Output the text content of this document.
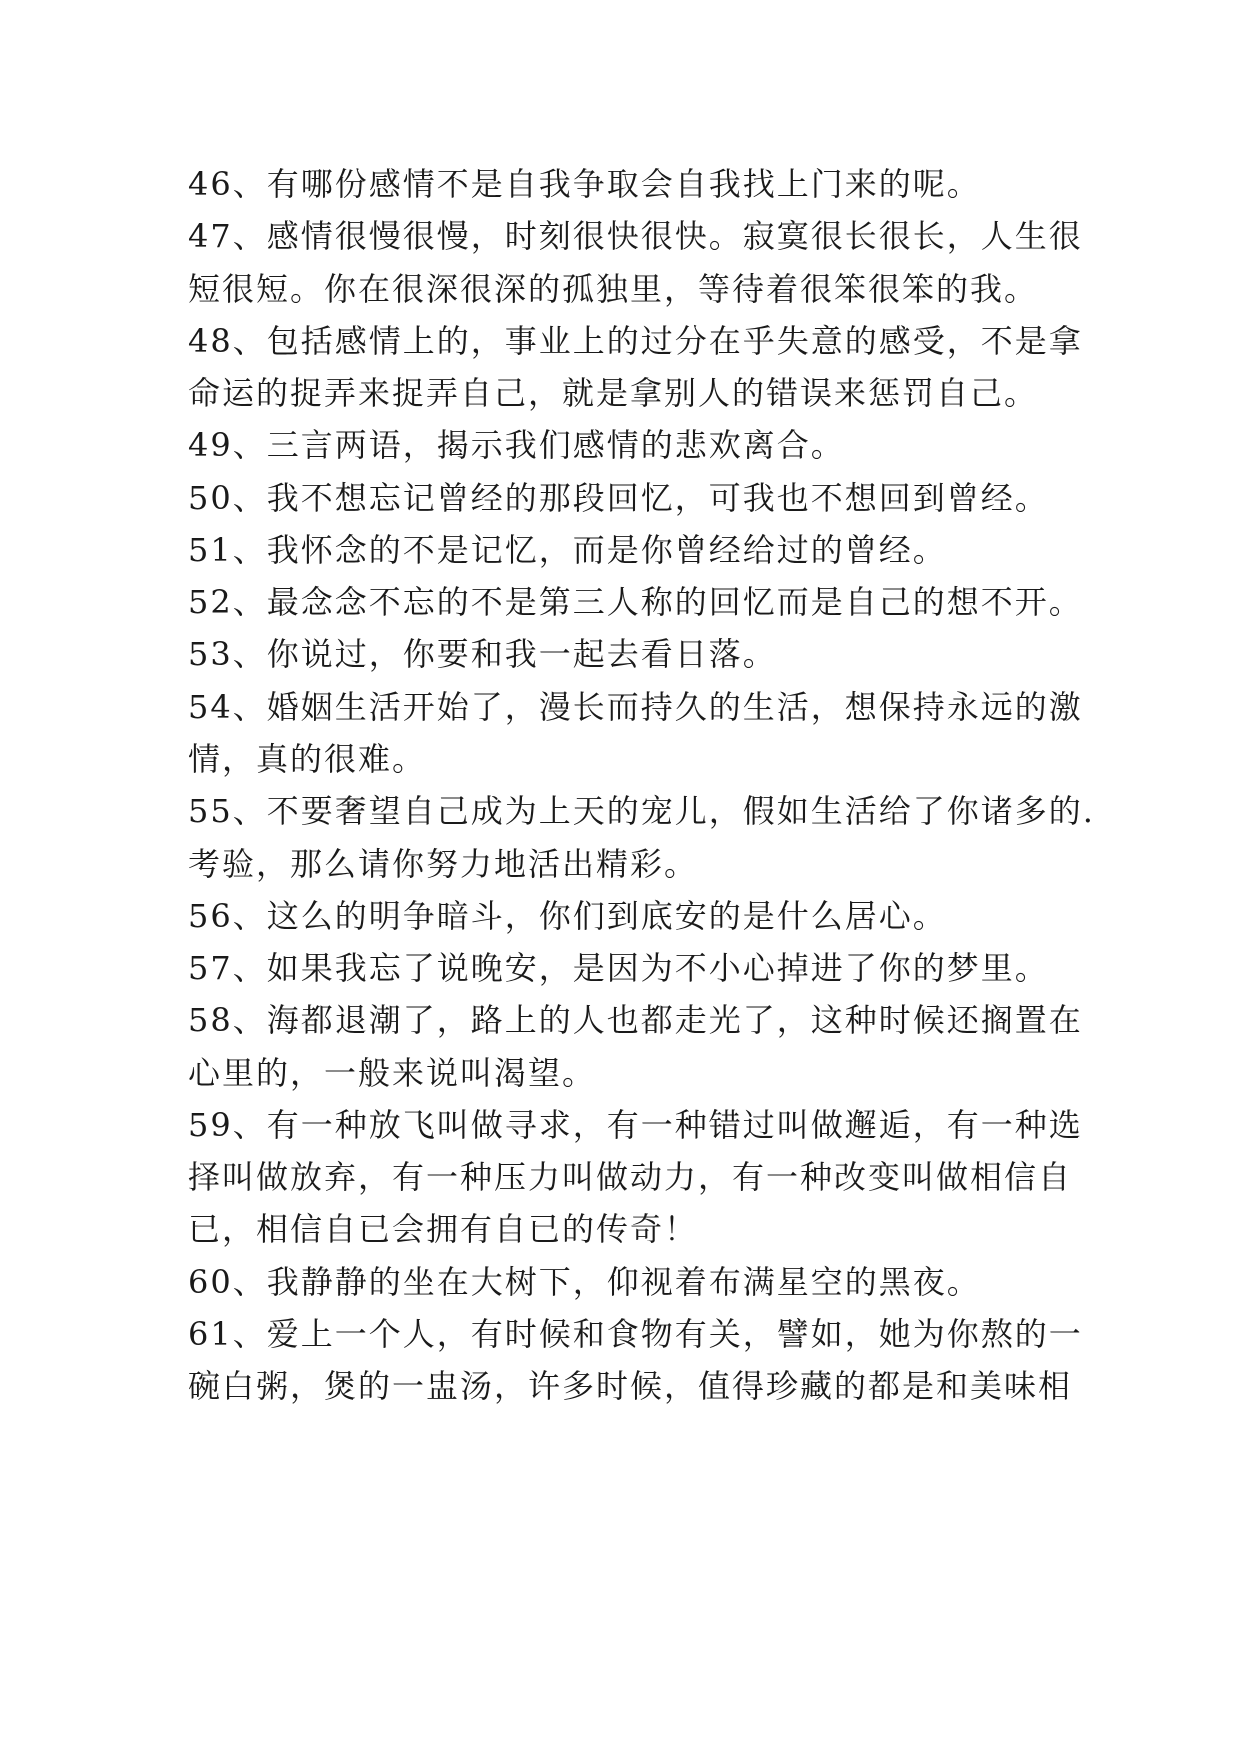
46、有哪份感情不是自我争取会自我找上门来的呢。
47、感情很慢很慢，时刻很快很快。寂寞很长很长，人生很
短很短。你在很深很深的孤独里，等待着很笨很笨的我。
48、包括感情上的，事业上的过分在乎失意的感受，不是拿
命运的捉弄来捉弄自己，就是拿别人的错误来惩罚自己。
49、三言两语，揭示我们感情的悲欢离合。
50、我不想忘记曾经的那段回忆，可我也不想回到曾经。
51、我怀念的不是记忆，而是你曾经给过的曾经。
52、最念念不忘的不是第三人称的回忆而是自己的想不开。
53、你说过，你要和我一起去看日落。
54、婚姻生活开始了，漫长而持久的生活，想保持永远的激
情，真的很难。
55、不要奢望自己成为上天的宠儿，假如生活给了你诸多的.
考验，那么请你努力地活出精彩。
56、这么的明争暗斗，你们到底安的是什么居心。
57、如果我忘了说晚安，是因为不小心掉进了你的梦里。
58、海都退潮了，路上的人也都走光了，这种时候还搁置在
心里的，一般来说叫渴望。
59、有一种放飞叫做寻求，有一种错过叫做邂逅，有一种选
择叫做放弃，有一种压力叫做动力，有一种改变叫做相信自
已，相信自已会拥有自已的传奇！
60、我静静的坐在大树下，仰视着布满星空的黑夜。
61、爱上一个人，有时候和食物有关，譬如，她为你熬的一
碗白粥，煲的一盅汤，许多时候，值得珍藏的都是和美味相
